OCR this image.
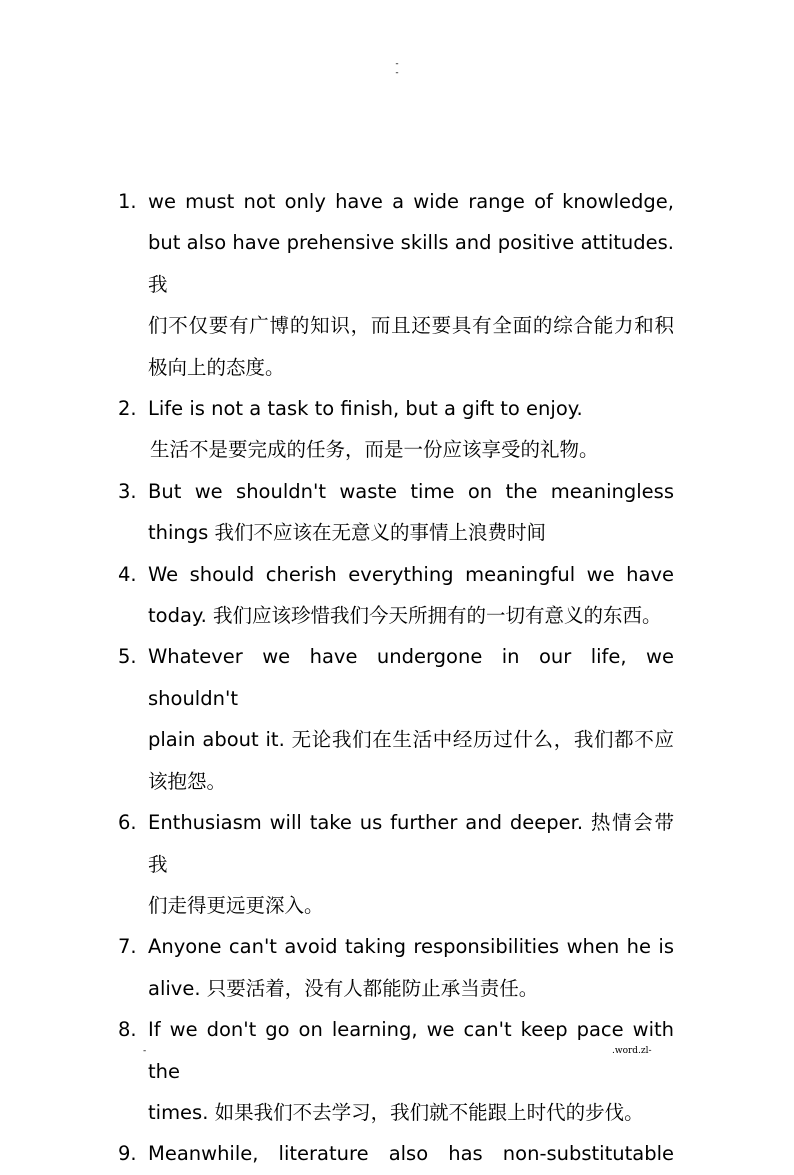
-
-
1. we must not only have a wide range of knowledge,
but also have prehensive skills and positive attitudes.我
们不仅要有广博的知识，而且还要具有全面的综合能力和积
极向上的态度。
2. Life is not a task to finish, but a gift to enjoy.
生活不是要完成的任务，而是一份应该享受的礼物。
3. But we shouldn't waste time on the meaningless
things 我们不应该在无意义的事情上浪费时间
4. We should cherish everything meaningful we have
today. 我们应该珍惜我们今天所拥有的一切有意义的东西。
5. Whatever we have undergone in our life, we shouldn't
plain about it. 无论我们在生活中经历过什么，我们都不应
该抱怨。
6. Enthusiasm will take us further and deeper. 热情会带我
们走得更远更深入。
7. Anyone can't avoid taking responsibilities when he is
alive. 只要活着，没有人都能防止承当责任。
8. If we don't go on learning, we can't keep pace with the
times. 如果我们不去学习，我们就不能跟上时代的步伐。
9. Meanwhile, literature also has non-substitutable
-	.word.zl-
